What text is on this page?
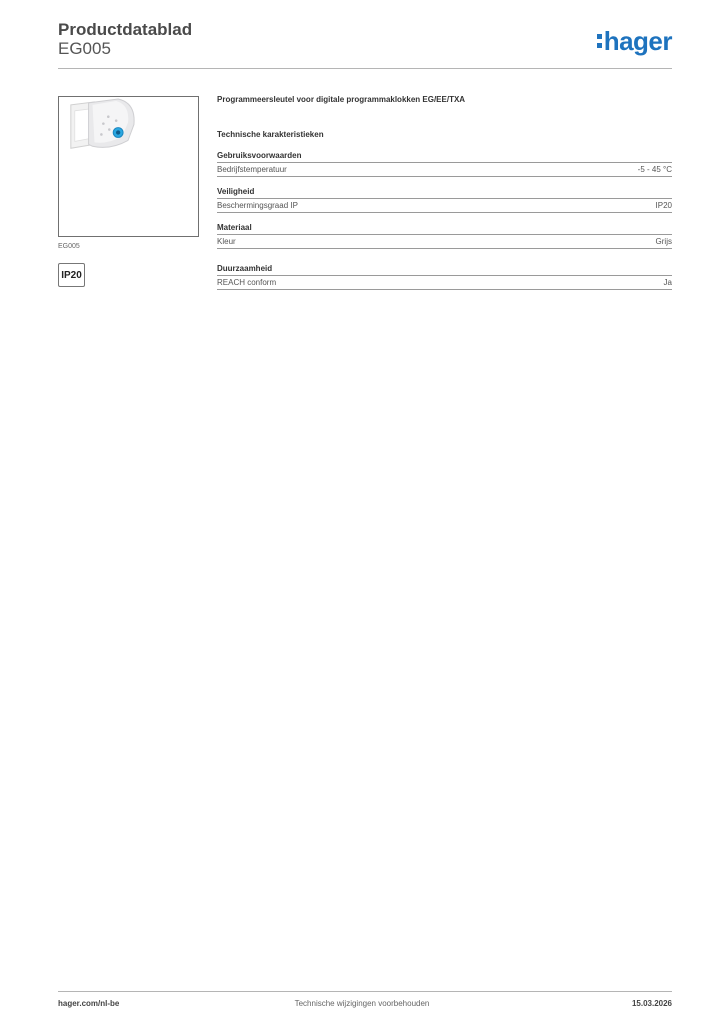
Productdatablad
EG005	hager
EG005
IP20
Programmeersleutel voor digitale programmaklokken EG/EE/TXA
Technische karakteristieken
Gebruiksvoorwaarden
Bedrijfstemperatuur	-5 - 45 °C
Veiligheid
Beschermingsgraad IP	IP20
Materiaal
Kleur	Grijs
Duurzaamheid
REACH conform	Ja
hager.com/nl-be	Technische wijzigingen voorbehouden	15.03.2026
